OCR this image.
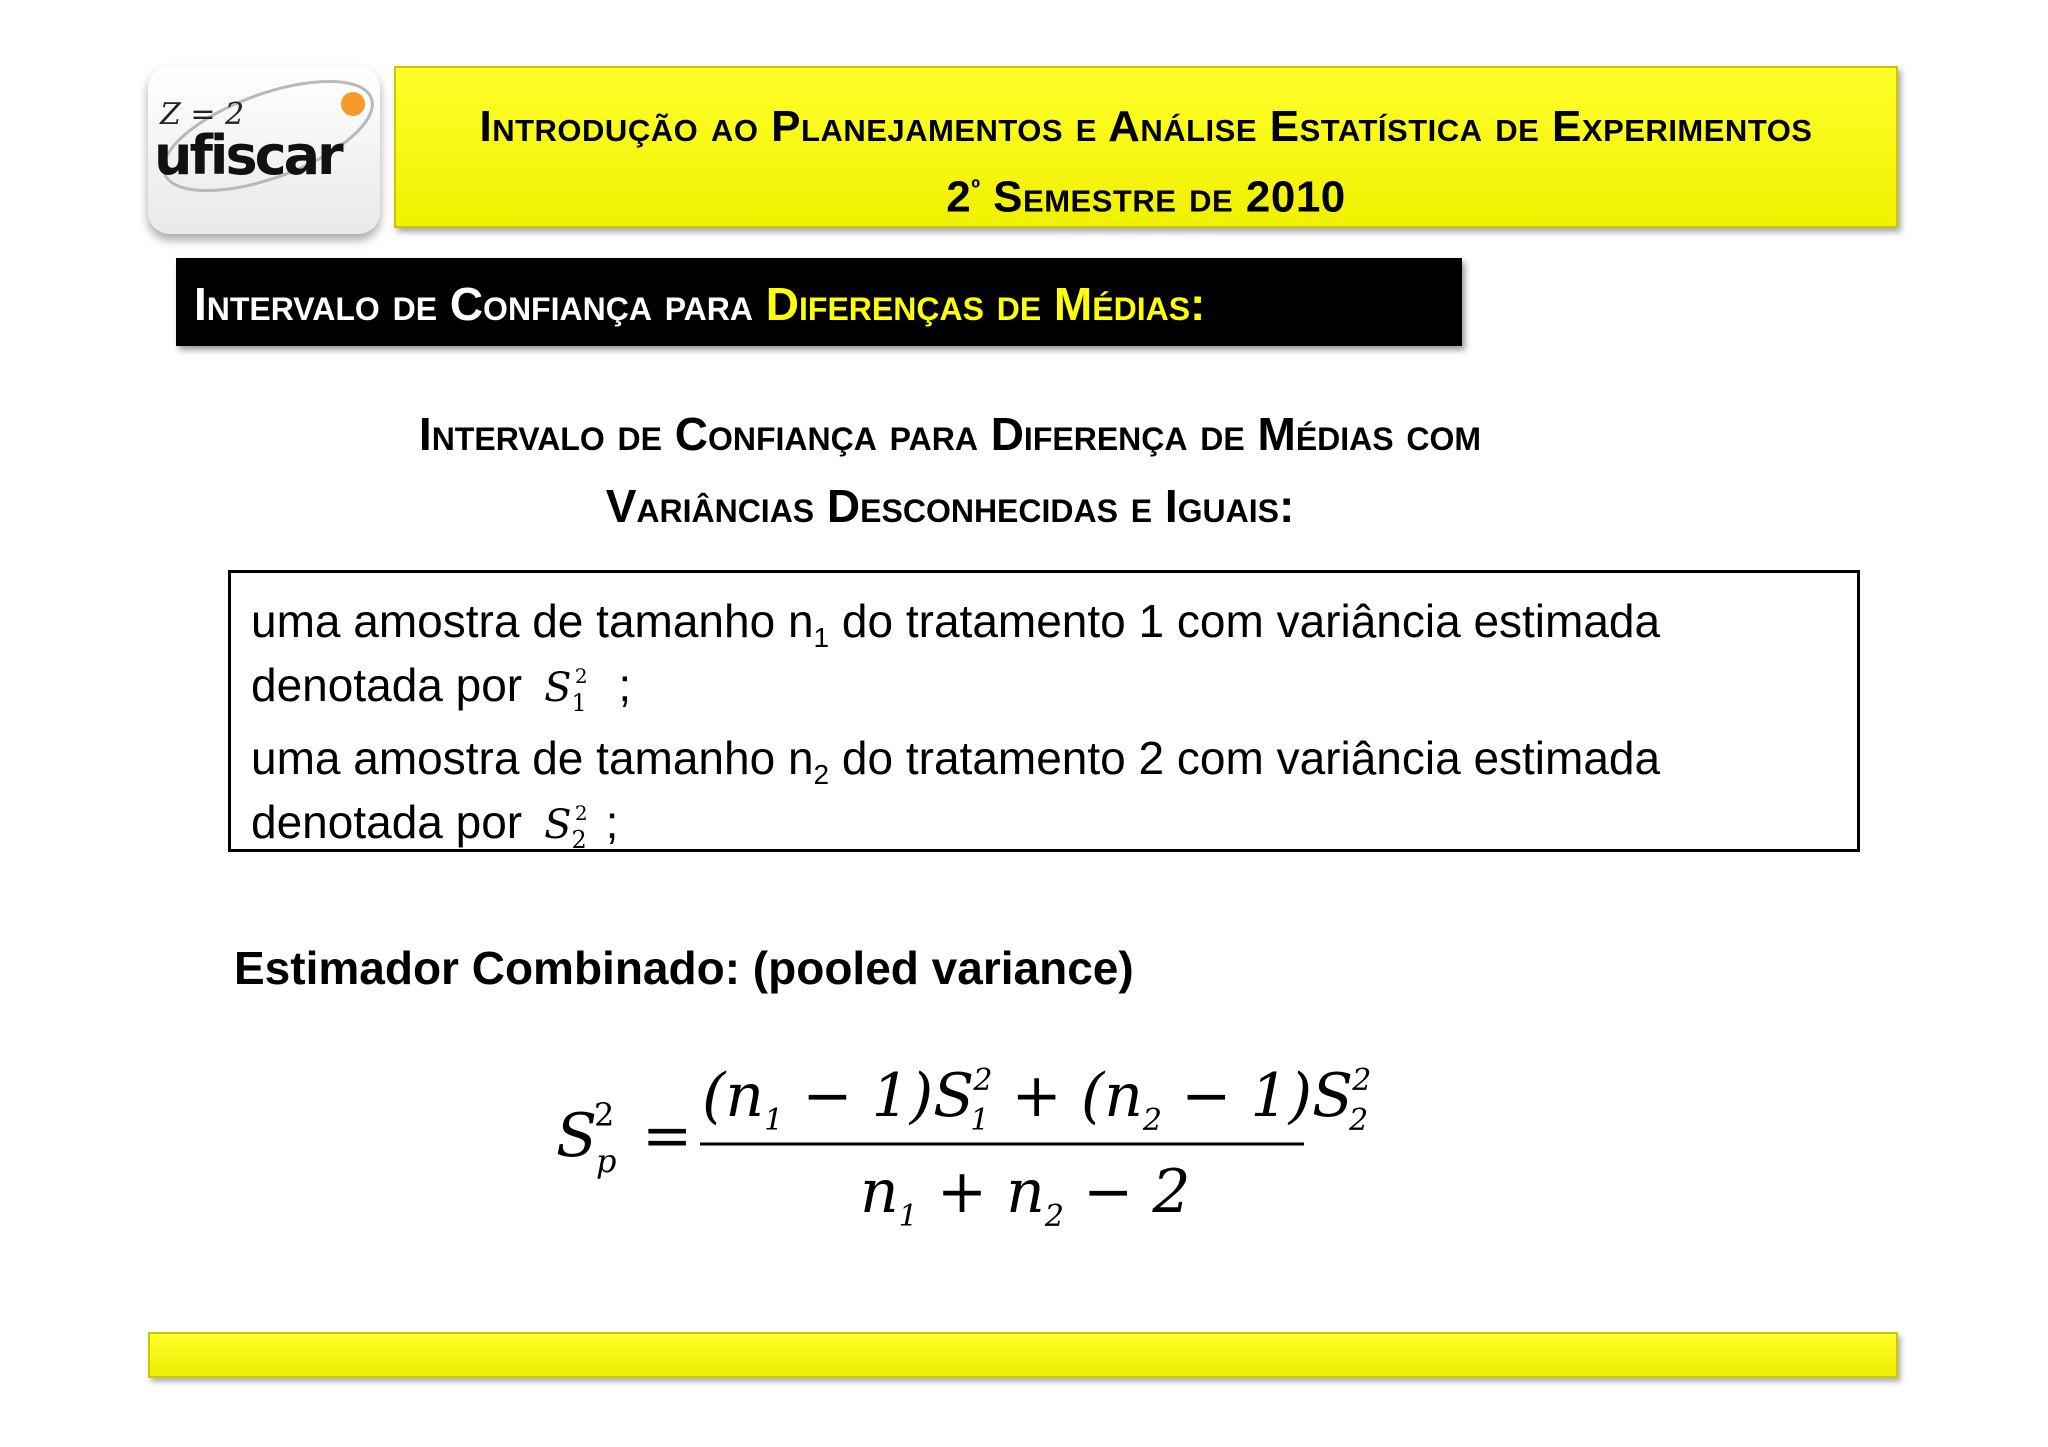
Z = 2
ufiscar	Introdução ao Planejamentos e Análise Estatística de Experimentos
$2^º$ Semestre de 2010
Intervalo de Confiança para Diferenças de Médias:
Intervalo de Confiança para Diferença de Médias com
Variâncias Desconhecidas e Iguais:
uma amostra de tamanho $n_1$ do tratamento 1 com variância estimada
denotada por $S_1^2$ ;
uma amostra de tamanho $n_2$ do tratamento 2 com variância estimada
denotada por $S_2^2$ ;
Estimador Combinado: (pooled variance)
S
2
p =
$(n_1 - 1)S12 + (n_2 - 1)S22$
$n_1 + n_2 - 2$
